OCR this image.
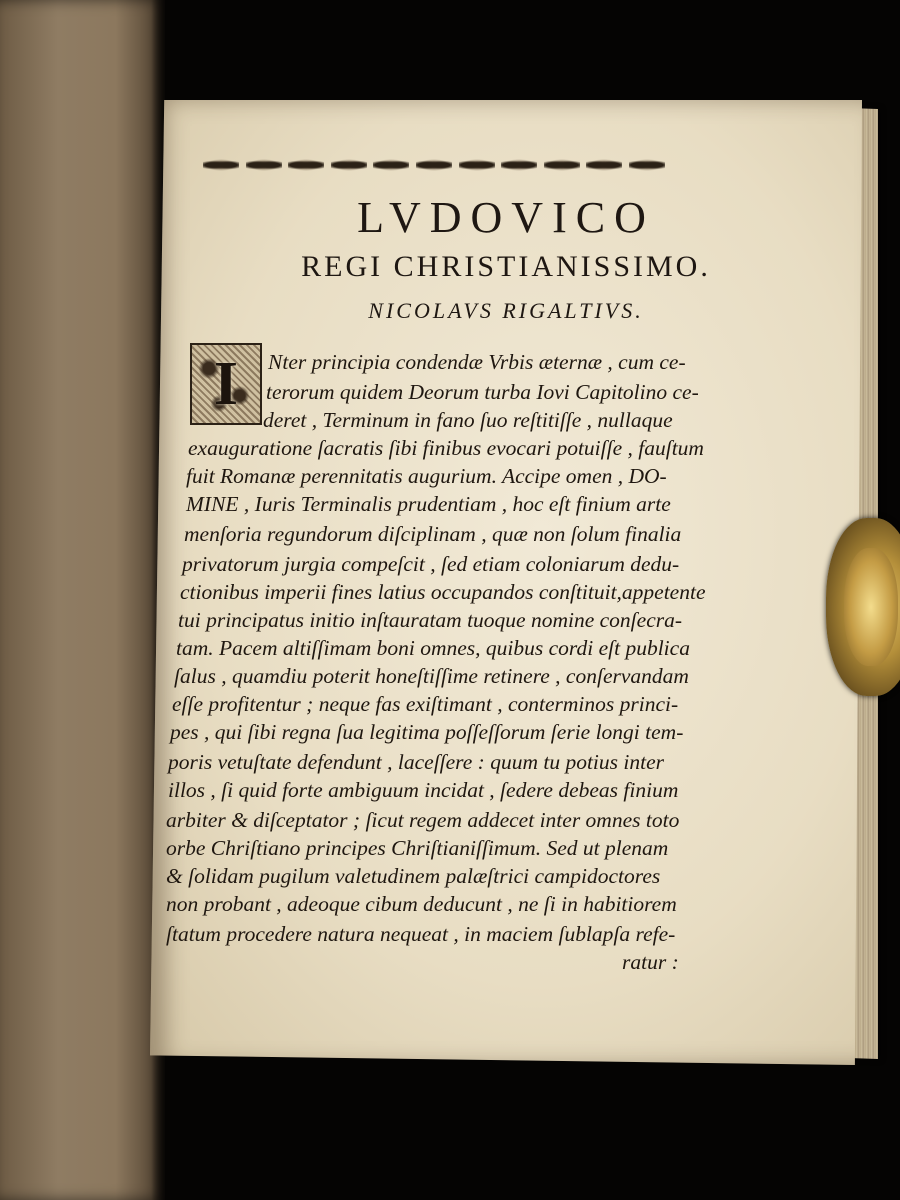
LVDOVICO
REGI CHRISTIANISSIMO.
NICOLAVS RIGALTIVS.
I	Nter principia condendæ Vrbis æternæ , cum ce-
terorum quidem Deorum turba Iovi Capitolino ce-
deret , Terminum in fano ſuo reſtitiſſe , nullaque
exauguratione ſacratis ſibi finibus evocari potuiſſe , fauſtum
fuit Romanæ perennitatis augurium. Accipe omen , DO-
MINE , Iuris Terminalis prudentiam , hoc eſt finium arte
menſoria regundorum diſciplinam , quæ non ſolum finalia
privatorum jurgia compeſcit , ſed etiam coloniarum dedu-
ctionibus imperii fines latius occupandos conſtituit,appetente
tui principatus initio inſtauratam tuoque nomine conſecra-
tam. Pacem altiſſimam boni omnes, quibus cordi eſt publica
ſalus , quamdiu poterit honeſtiſſime retinere , conſervandam
eſſe profitentur ; neque fas exiſtimant , conterminos princi-
pes , qui ſibi regna ſua legitima poſſeſſorum ſerie longi tem-
poris vetuſtate defendunt , laceſſere : quum tu potius inter
illos , ſi quid forte ambiguum incidat , ſedere debeas finium
arbiter & diſceptator ; ſicut regem addecet inter omnes toto
orbe Chriſtiano principes Chriſtianiſſimum. Sed ut plenam
& ſolidam pugilum valetudinem palæſtrici campidoctores
non probant , adeoque cibum deducunt , ne ſi in habitiorem
ſtatum procedere natura nequeat , in maciem ſublapſa refe-
ratur :
